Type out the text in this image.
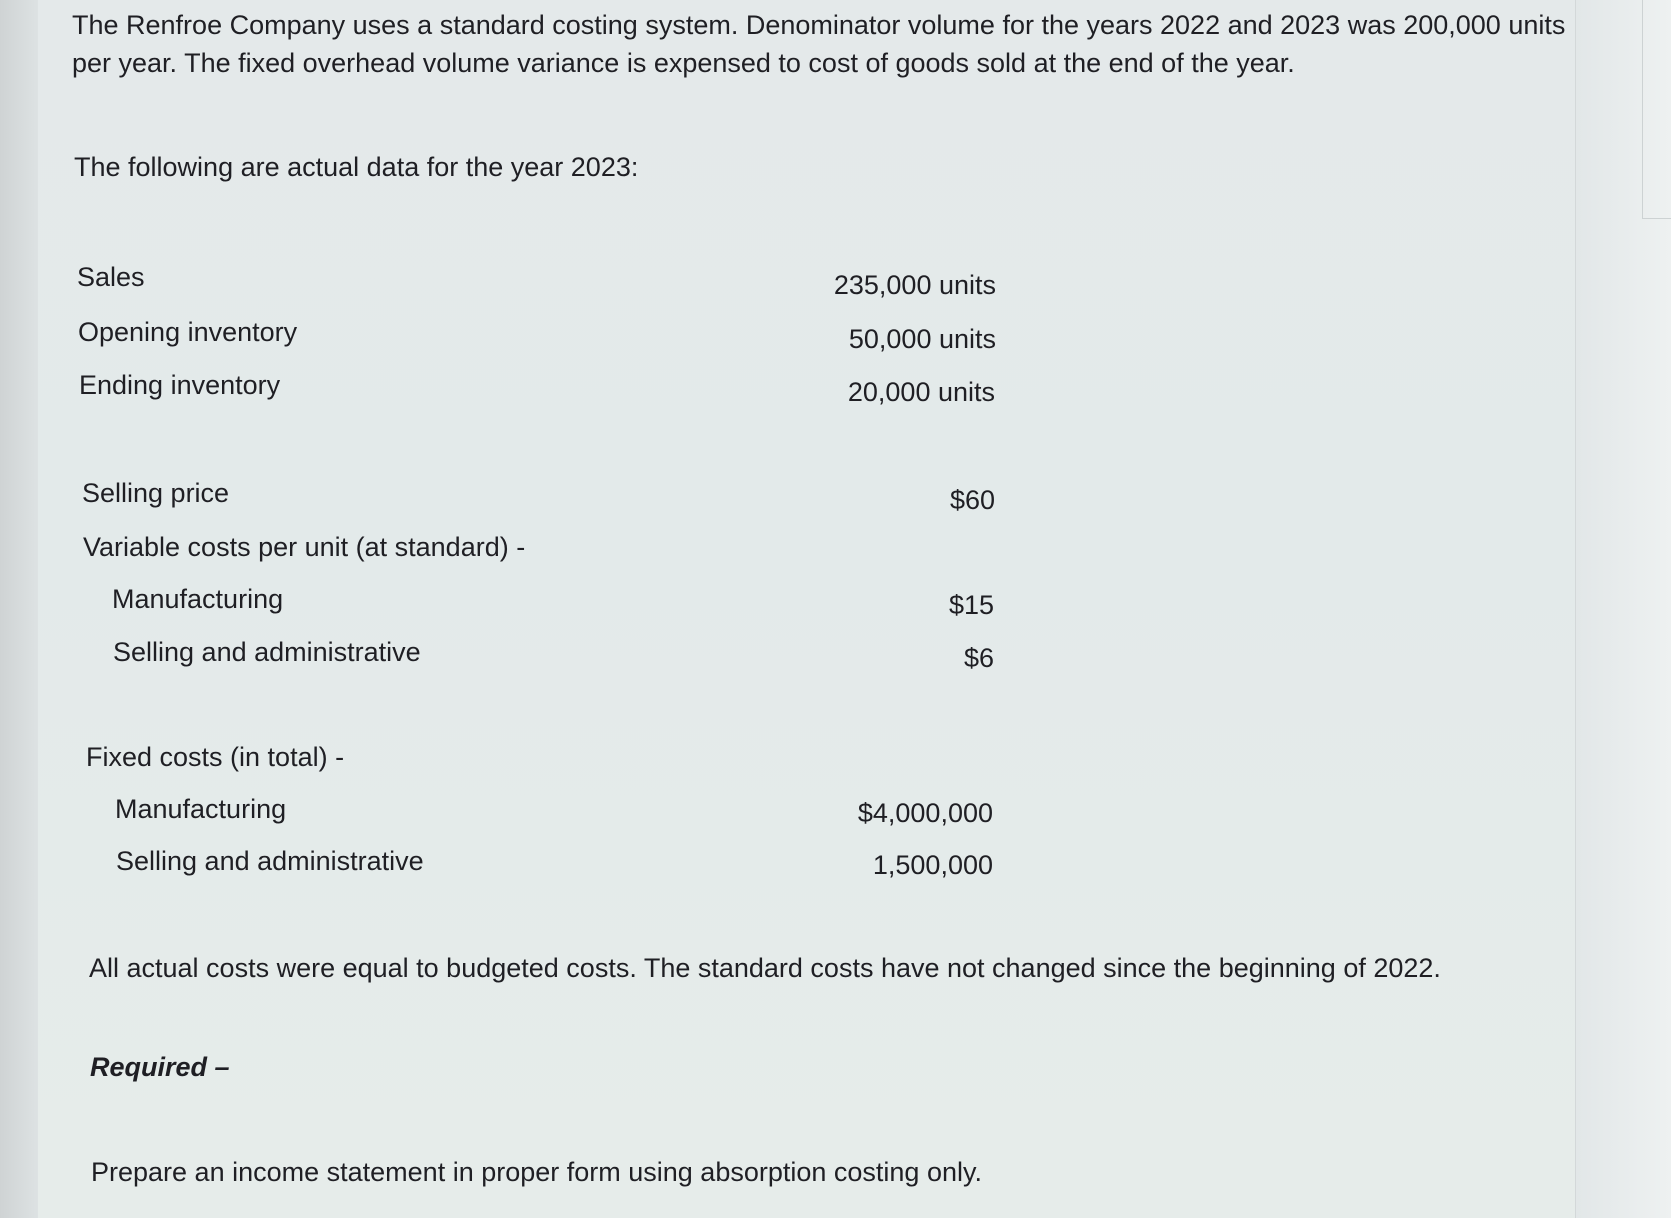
The Renfroe Company uses a standard costing system. Denominator volume for the years 2022 and 2023 was 200,000 units per year. The fixed overhead volume variance is expensed to cost of goods sold at the end of the year.

The following are actual data for the year 2023:

Sales	235,000 units
Opening inventory	50,000 units
Ending inventory	20,000 units
Selling price	$60
Variable costs per unit (at standard) -
Manufacturing	$15
Selling and administrative	$6
Fixed costs (in total) -
Manufacturing	$4,000,000
Selling and administrative	1,500,000

All actual costs were equal to budgeted costs. The standard costs have not changed since the beginning of 2022.

Required –

Prepare an income statement in proper form using absorption costing only.
